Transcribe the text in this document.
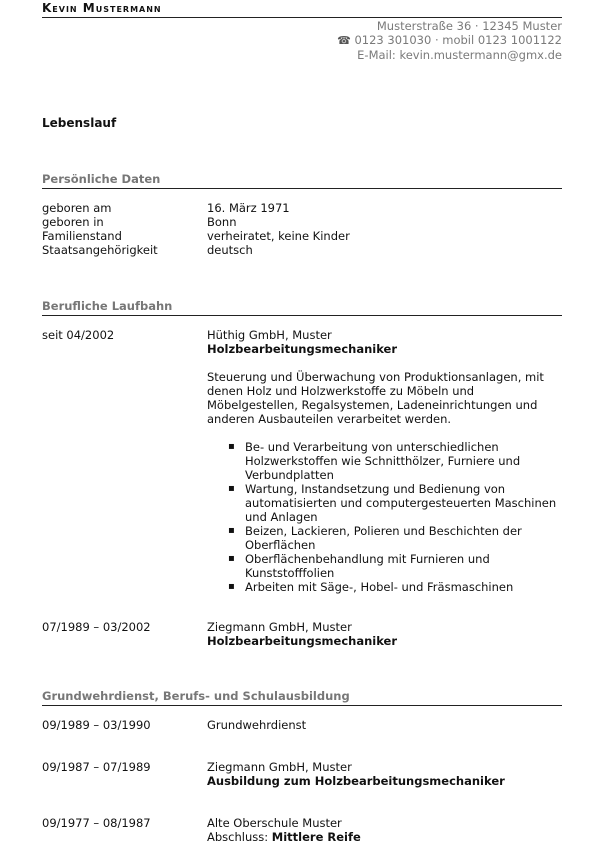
Kevin Mustermann
Musterstraße 36 · 12345 Muster
☎ 0123 301030 · mobil 0123 1001122
E-Mail: kevin.mustermann@gmx.de
Lebenslauf
Persönliche Daten
geboren am	16. März 1971
geboren in	Bonn
Familienstand	verheiratet, keine Kinder
Staatsangehörigkeit	deutsch
Berufliche Laufbahn
seit 04/2002	Hüthig GmbH, Muster
Holzbearbeitungsmechaniker
Steuerung und Überwachung von Produktionsanlagen, mit denen Holz und Holzwerkstoffe zu Möbeln und Möbelgestellen, Regalsystemen, Ladeneinrichtungen und anderen Ausbauteilen verarbeitet werden.
▪ Be- und Verarbeitung von unterschiedlichen Holzwerkstoffen wie Schnitthölzer, Furniere und Verbundplatten
▪ Wartung, Instandsetzung und Bedienung von automatisierten und computergesteuerten Maschinen und Anlagen
▪ Beizen, Lackieren, Polieren und Beschichten der Oberflächen
▪ Oberflächenbehandlung mit Furnieren und Kunststofffolien
▪ Arbeiten mit Säge-, Hobel- und Fräsmaschinen
07/1989 – 03/2002	Ziegmann GmbH, Muster
Holzbearbeitungsmechaniker
Grundwehrdienst, Berufs- und Schulausbildung
09/1989 – 03/1990	Grundwehrdienst
09/1987 – 07/1989	Ziegmann GmbH, Muster
Ausbildung zum Holzbearbeitungsmechaniker
09/1977 – 08/1987	Alte Oberschule Muster
Abschluss: Mittlere Reife
